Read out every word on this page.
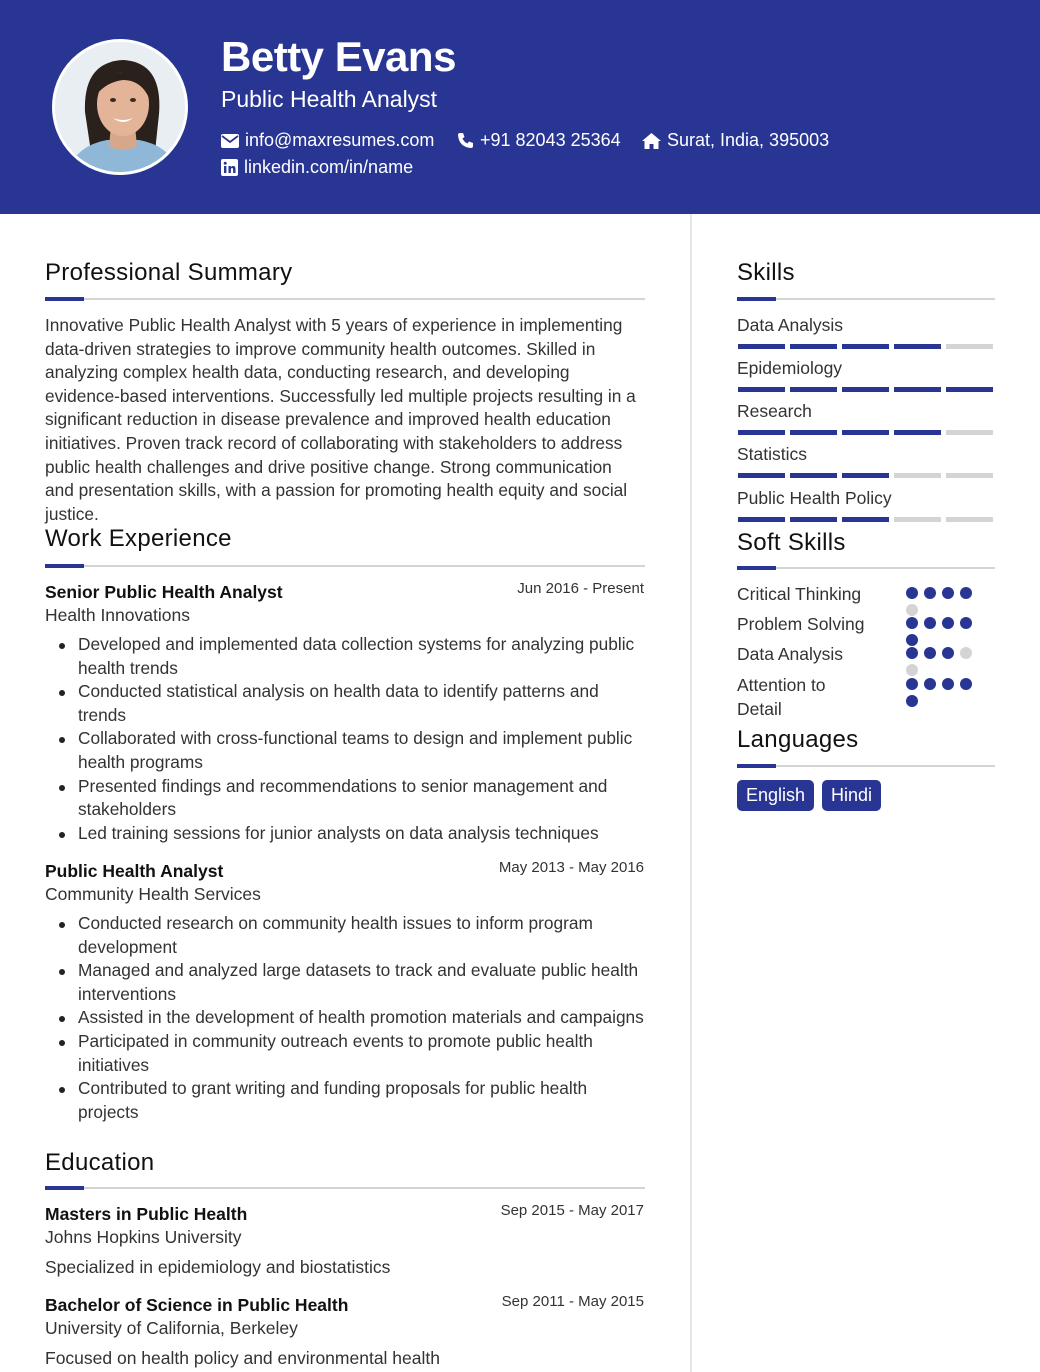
Betty Evans
Public Health Analyst
info@maxresumes.com	+91 82043 25364	Surat, India, 395003
linkedin.com/in/name
Professional Summary
Innovative Public Health Analyst with 5 years of experience in implementing data-driven strategies to improve community health outcomes. Skilled in analyzing complex health data, conducting research, and developing evidence-based interventions. Successfully led multiple projects resulting in a significant reduction in disease prevalence and improved health education initiatives. Proven track record of collaborating with stakeholders to address public health challenges and drive positive change. Strong communication and presentation skills, with a passion for promoting health equity and social justice.
Work Experience
Senior Public Health Analyst	Jun 2016 - Present
Health Innovations
Developed and implemented data collection systems for analyzing public health trends
Conducted statistical analysis on health data to identify patterns and trends
Collaborated with cross-functional teams to design and implement public health programs
Presented findings and recommendations to senior management and stakeholders
Led training sessions for junior analysts on data analysis techniques
Public Health Analyst	May 2013 - May 2016
Community Health Services
Conducted research on community health issues to inform program development
Managed and analyzed large datasets to track and evaluate public health interventions
Assisted in the development of health promotion materials and campaigns
Participated in community outreach events to promote public health initiatives
Contributed to grant writing and funding proposals for public health projects
Education
Masters in Public Health	Sep 2015 - May 2017
Johns Hopkins University
Specialized in epidemiology and biostatistics
Bachelor of Science in Public Health	Sep 2011 - May 2015
University of California, Berkeley
Focused on health policy and environmental health
Skills
Data Analysis
Epidemiology
Research
Statistics
Public Health Policy
Soft Skills
Critical Thinking
Problem Solving
Data Analysis
Attention to Detail
Languages
English	Hindi
